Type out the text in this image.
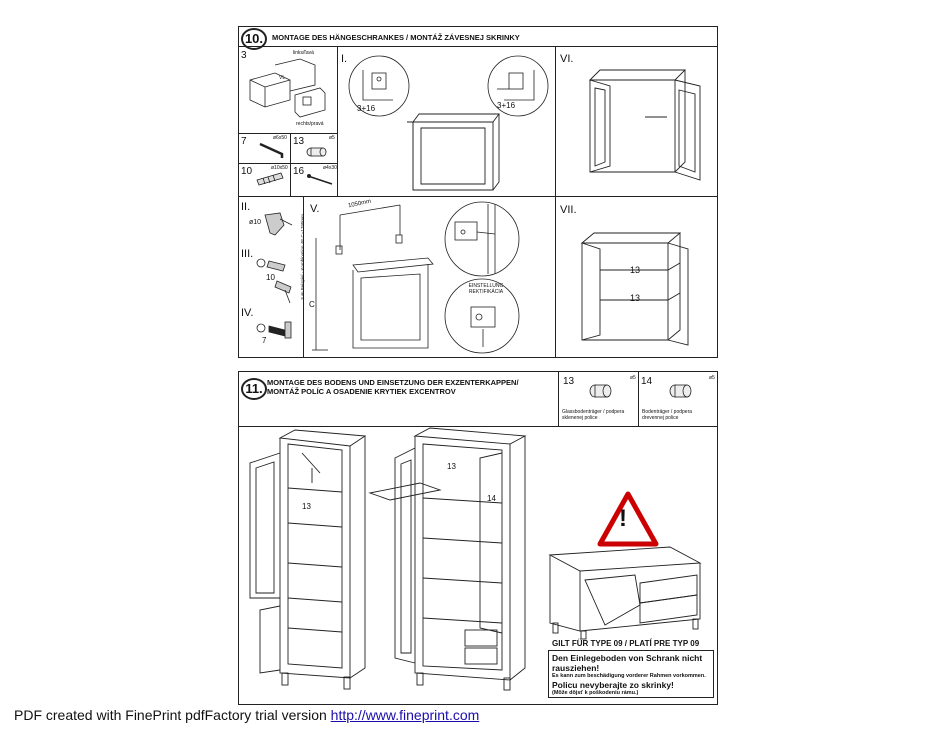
10.	MONTAGE DES HÄNGESCHRANKES / MONTÁŽ ZÁVESNEJ SKRINKY
3	links/ľavá
rechts/pravá
VL
7	ø6x50 13	ø5
10	ø10x50 16	ø4x30
I.
3+16	3+16
VI.
II.
ø10
III.
10
IV.
7
V.	1050mm
C
zum Beispiel - Kombination 4E C=1790mm	EINSTELLUNG REKTIFIKÁCIA
VII.
13
13
11. MONTAGE DES BODENS UND EINSETZUNG DER EXZENTERKAPPEN/
MONTÁŽ POLÍC A OSADENIE KRYTIEK EXCENTROV
13	ø5
Glassbodenträger / podpera sklenenej police
14	ø5
Bodenträger / podpera drevennej police
13
13
14
!
GILT FÜR TYPE 09 / PLATÍ PRE TYP 09
Den Einlegeboden von Schrank nicht rausziehen!
Es kann zum beschädigung vorderer Rahmen vorkommen.
Policu nevyberajte zo skrinky!
(Môže dôjsť k poškodeniu rámu.)
PDF created with FinePrint pdfFactory trial version http://www.fineprint.com
